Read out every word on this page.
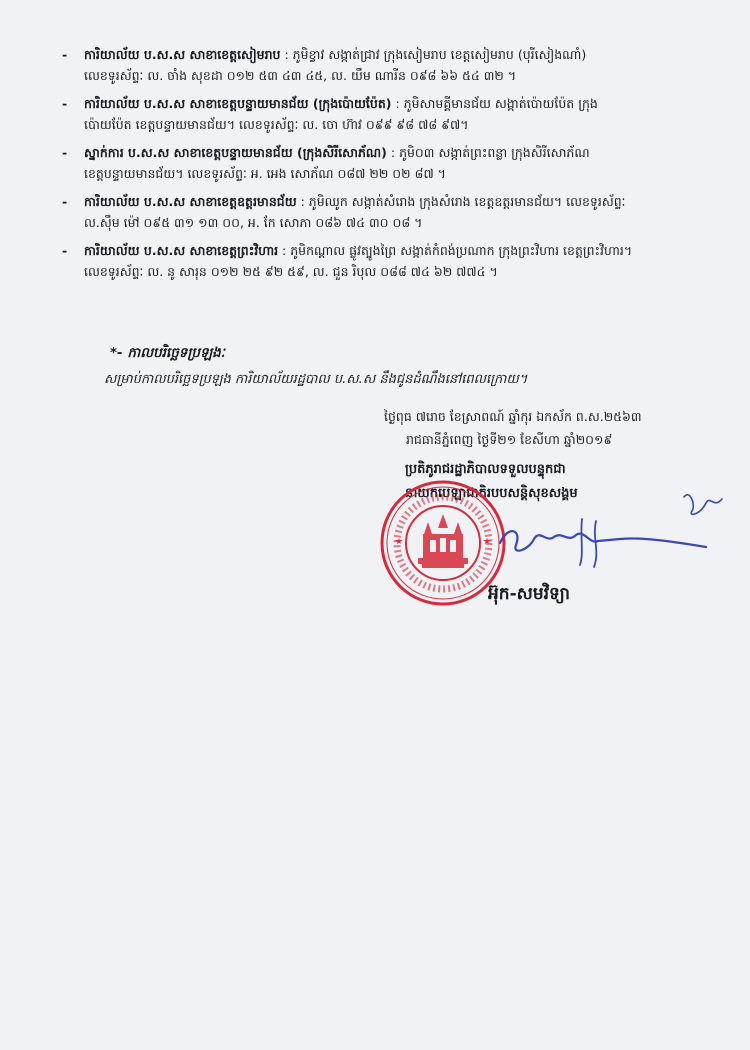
- ការិយាល័យ ប.ស.ស សាខាខេត្តសៀមរាប : ភូមិខ្វាវ សង្កាត់ជ្រាវ ក្រុងសៀមរាប ខេត្តសៀមរាប (បុរីសៀងណាំ)
លេខទូរស័ព្ទៈ ល. ចាំង សុខដា ០១២ ៥៣ ៤៣ ៤៥, ល. យឹម ណារីន ០៩៨ ៦៦ ៥៤ ៣២ ។
- ការិយាល័យ ប.ស.ស សាខាខេត្តបន្ទាយមានជ័យ (ក្រុងប៉ោយប៉ែត) : ភូមិសាមគ្គីមានជ័យ សង្កាត់ប៉ោយប៉ែត ក្រុង
ប៉ោយប៉ែត ខេត្តបន្ទាយមានជ័យ។ លេខទូរស័ព្ទៈ ល. ចោ ហ៊ាវ ០៩៩ ៩៨ ៧៨ ៩៧។
- ស្នាក់ការ ប.ស.ស សាខាខេត្តបន្ទាយមានជ័យ (ក្រុងសិរីសោភ័ណ) : ភូមិ០៣ សង្កាត់ព្រះពន្លា ក្រុងសិរីសោភ័ណ
ខេត្តបន្ទាយមានជ័យ។ លេខទូរស័ព្ទៈ អ. អេង សោភ័ណ ០៨៧ ២២ ០២ ៨៧ ។
- ការិយាល័យ ប.ស.ស សាខាខេត្តឧត្តរមានជ័យ : ភូមិឈូក សង្កាត់សំរោង ក្រុងសំរោង ខេត្តឧត្តរមានជ័យ។ លេខទូរស័ព្ទៈ
ល.ស៊ឹម ម៉ៅ ០៩៥ ៣១ ១៣ ០០, អ. កែ សោភា ០៨៦ ៧៤ ៣០ ០៨ ។
- ការិយាល័យ ប.ស.ស សាខាខេត្តព្រះវិហារ : ភូមិកណ្តាល ផ្លូវត្បូងព្រៃ សង្កាត់កំពង់ប្រណាក ក្រុងព្រះវិហារ ខេត្តព្រះវិហារ។
លេខទូរស័ព្ទៈ ល. នូ សារុន ០១២ ២៥ ៩២ ៥៩, ល. ជួន រិបុល ០៨៨ ៧៤ ៦២ ៧៧៤ ។
*- កាលបរិច្ឆេទប្រឡងៈ
សម្រាប់កាលបរិច្ឆេទប្រឡង ការិយាល័យរដ្ឋបាល ប.ស.ស នឹងជូនដំណឹងនៅពេលក្រោយ។
ថ្ងៃពុធ ៧រោច ខែស្រាពណ៍ ឆ្នាំកុរ ឯកស័ក ព.ស.២៥៦៣
រាជធានីភ្នំពេញ ថ្ងៃទី២១ ខែសីហា ឆ្នាំ២០១៩
ប្រតិភូរាជរដ្ឋាភិបាលទទួលបន្ទុកជា
នាយកបេឡាជាតិរបបសន្តិសុខសង្គម
អ៊ុក-សមវិទ្យា
